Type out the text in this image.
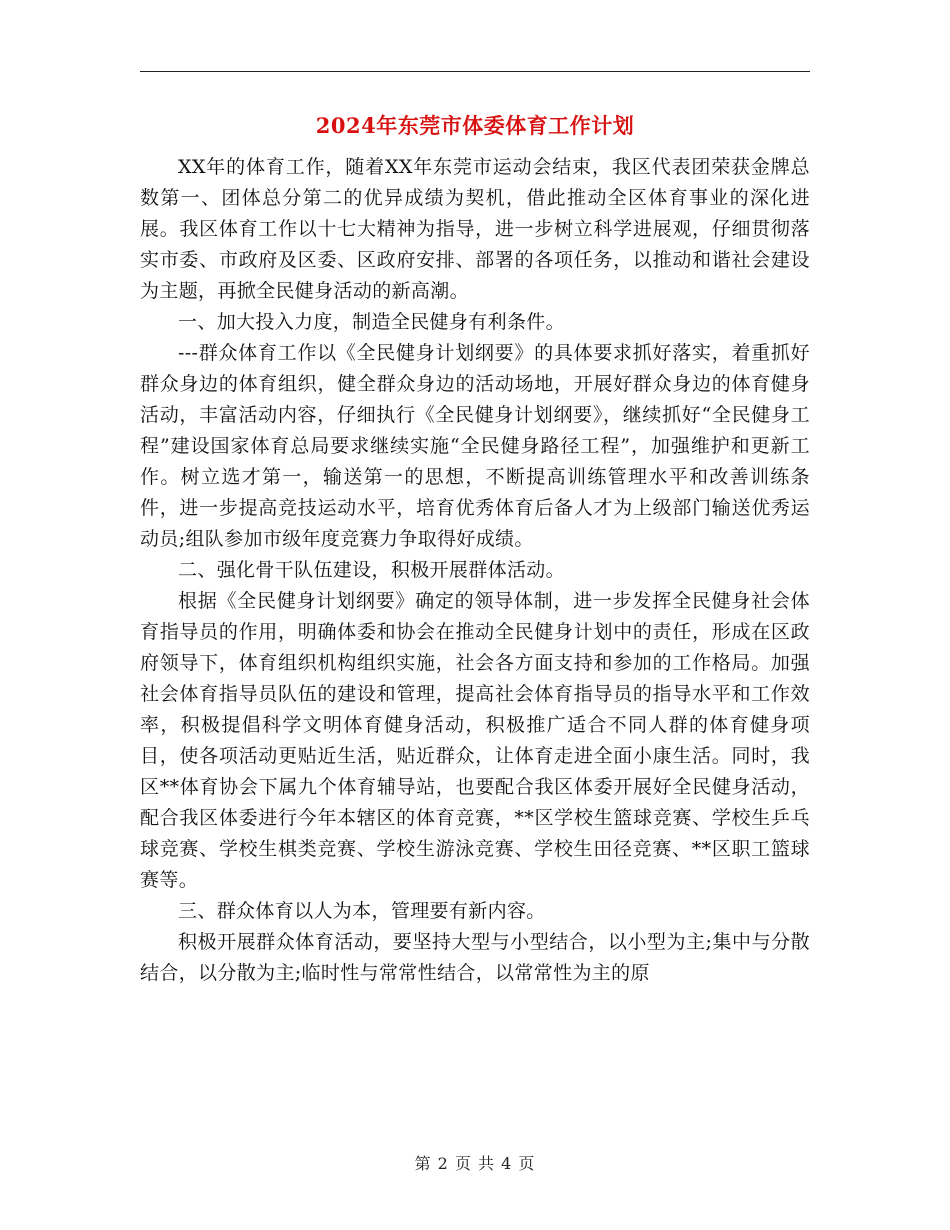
2024年东莞市体委体育工作计划

XX年的体育工作，随着XX年东莞市运动会结束，我区代表团荣获金牌总数第一、团体总分第二的优异成绩为契机，借此推动全区体育事业的深化进展。我区体育工作以十七大精神为指导，进一步树立科学进展观，仔细贯彻落实市委、市政府及区委、区政府安排、部署的各项任务，以推动和谐社会建设为主题，再掀全民健身活动的新高潮。

一、加大投入力度，制造全民健身有利条件。

---群众体育工作以《全民健身计划纲要》的具体要求抓好落实，着重抓好群众身边的体育组织，健全群众身边的活动场地，开展好群众身边的体育健身活动，丰富活动内容，仔细执行《全民健身计划纲要》，继续抓好“全民健身工程”建设国家体育总局要求继续实施“全民健身路径工程”，加强维护和更新工作。树立选才第一，输送第一的思想，不断提高训练管理水平和改善训练条件，进一步提高竞技运动水平，培育优秀体育后备人才为上级部门输送优秀运动员;组队参加市级年度竞赛力争取得好成绩。

二、强化骨干队伍建设，积极开展群体活动。

根据《全民健身计划纲要》确定的领导体制，进一步发挥全民健身社会体育指导员的作用，明确体委和协会在推动全民健身计划中的责任，形成在区政府领导下，体育组织机构组织实施，社会各方面支持和参加的工作格局。加强社会体育指导员队伍的建设和管理，提高社会体育指导员的指导水平和工作效率，积极提倡科学文明体育健身活动，积极推广适合不同人群的体育健身项目，使各项活动更贴近生活，贴近群众，让体育走进全面小康生活。同时，我区**体育协会下属九个体育辅导站，也要配合我区体委开展好全民健身活动，配合我区体委进行今年本辖区的体育竞赛，**区学校生篮球竞赛、学校生乒乓球竞赛、学校生棋类竞赛、学校生游泳竞赛、学校生田径竞赛、**区职工篮球赛等。

三、群众体育以人为本，管理要有新内容。

积极开展群众体育活动，要坚持大型与小型结合，以小型为主;集中与分散结合，以分散为主;临时性与常常性结合，以常常性为主的原

第 2 页 共 4 页
